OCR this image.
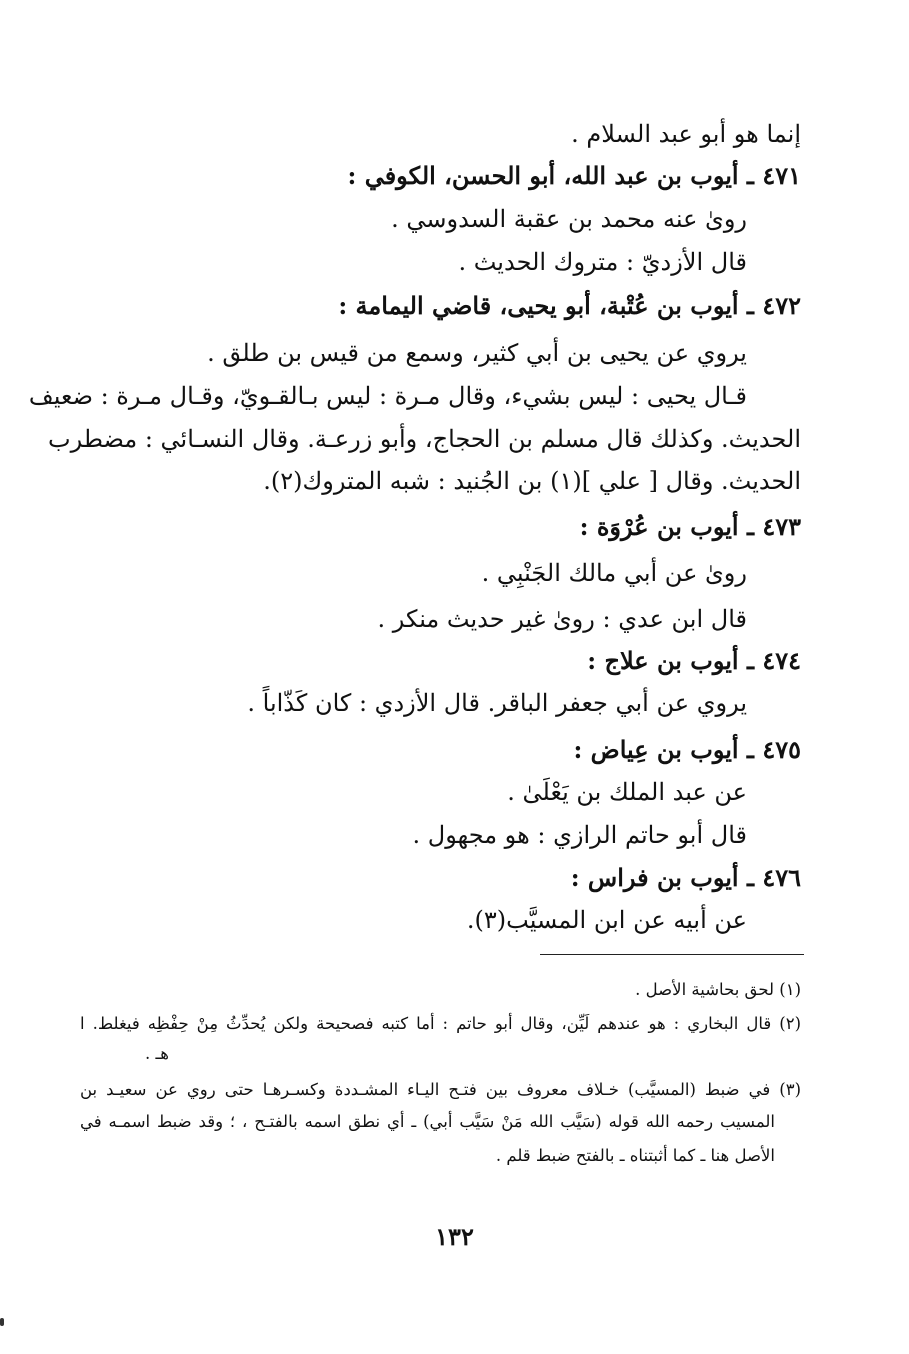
إنما هو أبو عبد السلام .
٤٧١ ـ أيوب بن عبد الله، أبو الحسن، الكوفي :
رویٰ عنه محمد بن عقبة السدوسي .
قال الأزديّ : متروك الحديث .
٤٧٢ ـ أيوب بن عُتْبة، أبو يحيى، قاضي اليمامة :
يروي عن يحيى بن أبي كثير، وسمع من قيس بن طلق .
قـال يحيى : ليس بشيء، وقال مـرة : ليس بـالقـويّ، وقـال مـرة : ضعيف
الحديث. وكذلك قال مسلم بن الحجاج، وأبو زرعـة. وقال النسـائي : مضطرب
الحديث. وقال [ علي ](١) بن الجُنيد : شبه المتروك(٢).
٤٧٣ ـ أيوب بن عُرْوَة :
رویٰ عن أبي مالك الجَنْبِي .
قال ابن عدي : رویٰ غير حديث منكر .
٤٧٤ ـ أيوب بن علاج :
يروي عن أبي جعفر الباقر. قال الأزدي : كان كَذّاباً .
٤٧٥ ـ أيوب بن عِياض :
عن عبد الملك بن يَعْلَىٰ .
قال أبو حاتم الرازي : هو مجهول .
٤٧٦ ـ أيوب بن فراس :
عن أبيه عن ابن المسيَّب(٣).
(١) لحق بحاشية الأصل .
(٢) قال البخاري : هو عندهم لَيِّن، وقال أبو حاتم : أما كتبه فصحيحة ولكن يُحدِّثُ مِنْ حِفْظِه فيغلط. ا
هـ .
(٣) في ضبط (المسيَّب) خـلاف معروف بين فتـح اليـاء المشـددة وكسـرهـا حتى روي عن سعيـد بن
المسيب رحمه الله قوله (سَيَّب الله مَنْ سَيَّب أبي) ـ أي نطق اسمه بالفتـح ، ؛ وقد ضبط اسمـه في
الأصل هنا ـ كما أثبتناه ـ بالفتح ضبط قلم .
١٣٢
